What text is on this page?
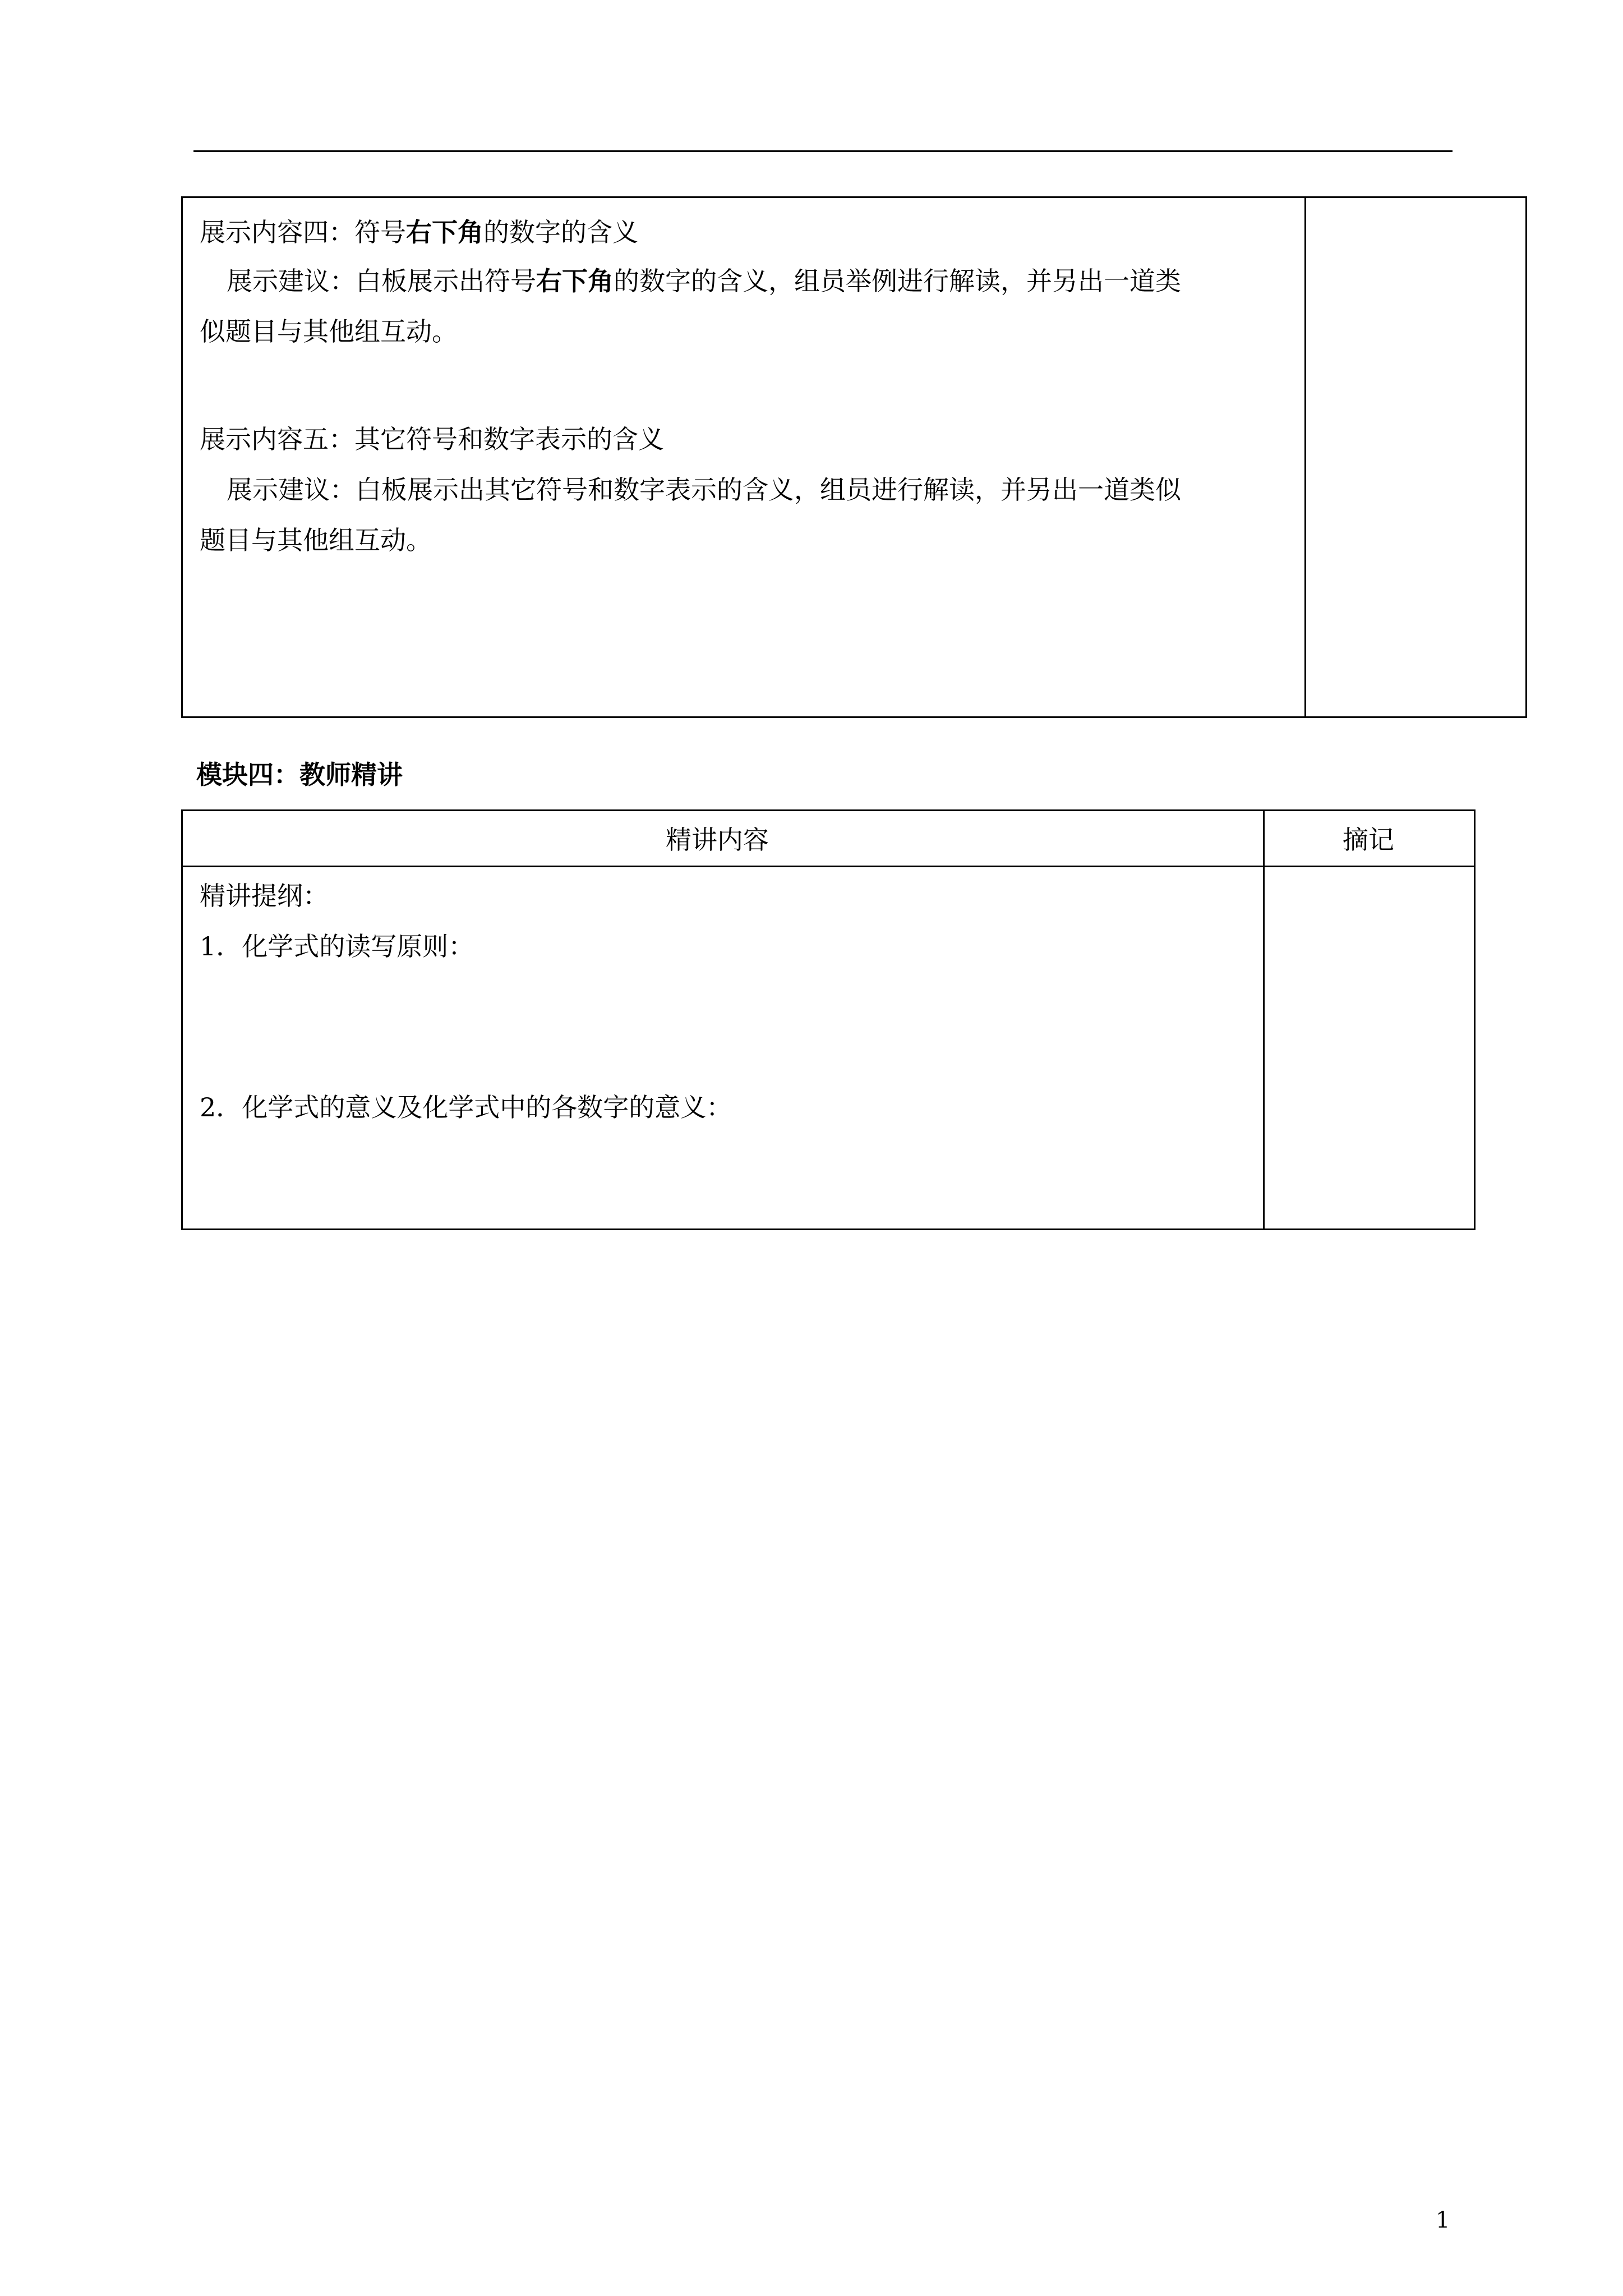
展示内容四：符号右下角的数字的含义
展示建议：白板展示出符号右下角的数字的含义，组员举例进行解读，并另出一道类
似题目与其他组互动。
展示内容五：其它符号和数字表示的含义
展示建议：白板展示出其它符号和数字表示的含义，组员进行解读，并另出一道类似
题目与其他组互动。
模块四：教师精讲
精讲内容	摘记
精讲提纲：
1．化学式的读写原则：
2．化学式的意义及化学式中的各数字的意义：
1
